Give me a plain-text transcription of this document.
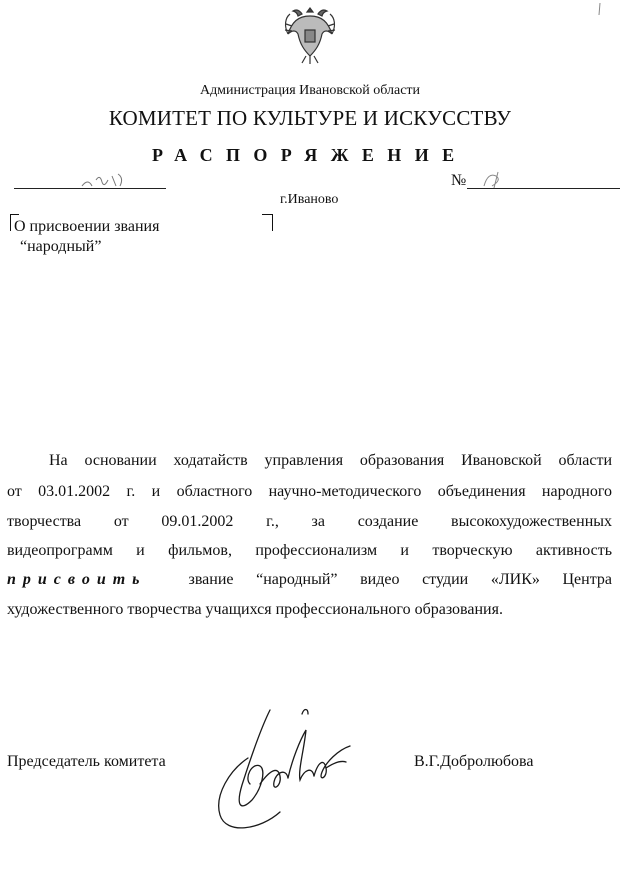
Администрация Ивановской области
КОМИТЕТ ПО КУЛЬТУРЕ И ИСКУССТВУ
РАСПОРЯЖЕНИЕ
№
г.Иваново
О присвоении звания
“народный”
На основании ходатайств управления образования Ивановской области
от 03.01.2002 г. и областного научно-методического объединения народного
творчества от 09.01.2002 г., за создание высокохудожественных
видеопрограмм и фильмов, профессионализм и творческую активность
присвоить	звание “народный” видео студии «ЛИК» Центра
художественного творчества учащихся профессионального образования.
Председатель комитета	В.Г.Добролюбова
